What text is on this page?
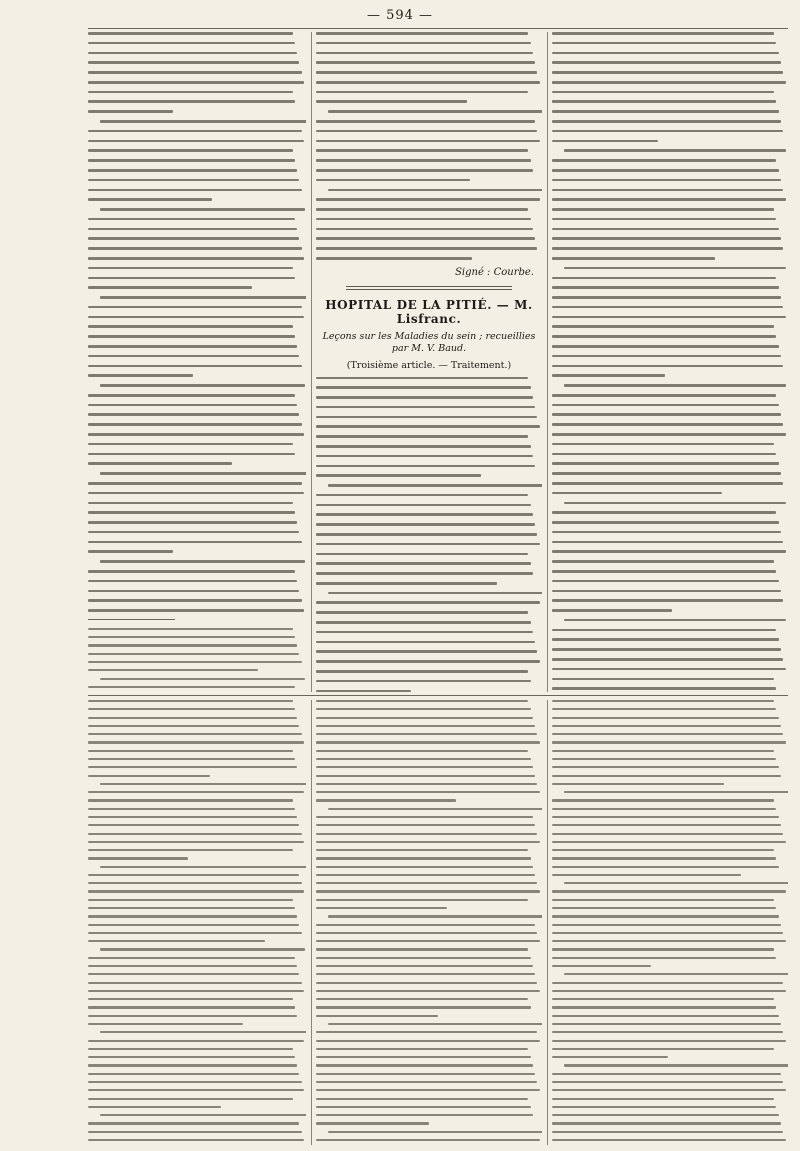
— 594 —
Signé : Courbe.

HOPITAL DE LA PITIÉ. — M. Lisfranc.

Leçons sur les Maladies du sein ; recueillies par M. V. Baud.

(Troisième article. — Traitement.)
